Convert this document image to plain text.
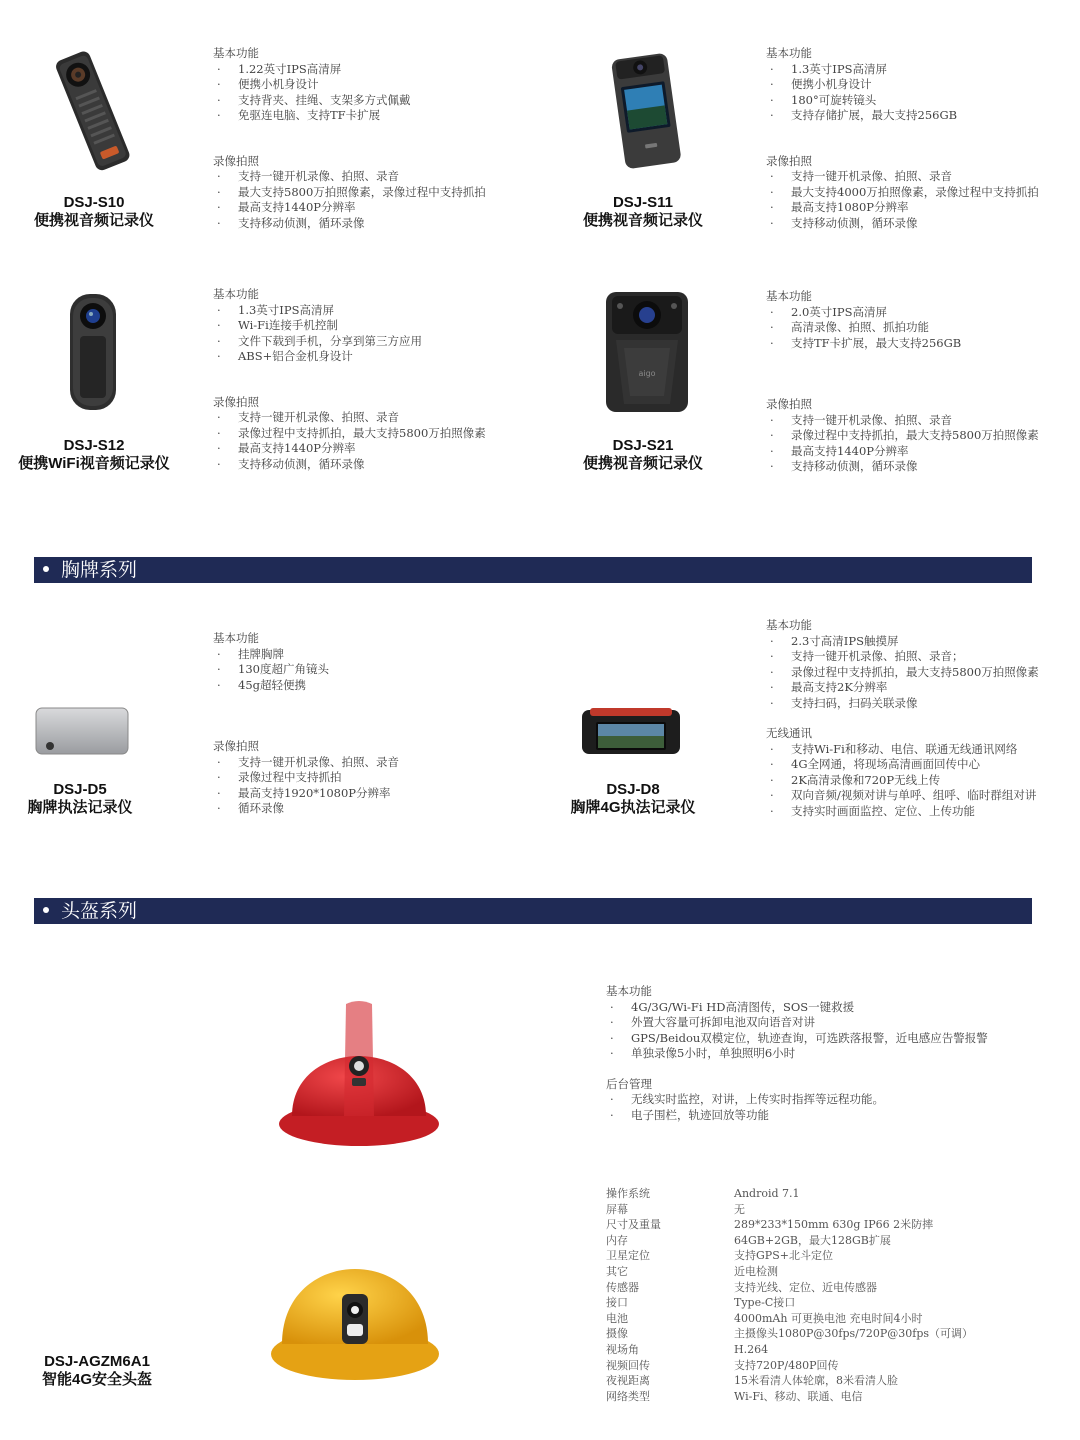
DSJ-S10
便携视音频记录仪
基本功能
· 1.22英寸IPS高清屏
· 便携小机身设计
· 支持背夹、挂绳、支架多方式佩戴
· 免驱连电脑、支持TF卡扩展
录像拍照
· 支持一键开机录像、拍照、录音
· 最大支持5800万拍照像素，录像过程中支持抓拍
· 最高支持1440P分辨率
· 支持移动侦测，循环录像
DSJ-S11
便携视音频记录仪
基本功能
· 1.3英寸IPS高清屏
· 便携小机身设计
· 180°可旋转镜头
· 支持存储扩展，最大支持256GB
录像拍照
· 支持一键开机录像、拍照、录音
· 最大支持4000万拍照像素，录像过程中支持抓拍
· 最高支持1080P分辨率
· 支持移动侦测，循环录像
DSJ-S12
便携WiFi视音频记录仪
基本功能
· 1.3英寸IPS高清屏
· Wi-Fi连接手机控制
· 文件下载到手机，分享到第三方应用
· ABS+铝合金机身设计
录像拍照
· 支持一键开机录像、拍照、录音
· 录像过程中支持抓拍，最大支持5800万拍照像素
· 最高支持1440P分辨率
· 支持移动侦测，循环录像
aigo
DSJ-S21
便携视音频记录仪
基本功能
· 2.0英寸IPS高清屏
· 高清录像、拍照、抓拍功能
· 支持TF卡扩展，最大支持256GB
录像拍照
· 支持一键开机录像、拍照、录音
· 录像过程中支持抓拍，最大支持5800万拍照像素
· 最高支持1440P分辨率
· 支持移动侦测，循环录像
胸牌系列
DSJ-D5
胸牌执法记录仪
基本功能
· 挂牌胸牌
· 130度超广角镜头
· 45g超轻便携
录像拍照
· 支持一键开机录像、拍照、录音
· 录像过程中支持抓拍
· 最高支持1920*1080P分辨率
· 循环录像
DSJ-D8
胸牌4G执法记录仪
基本功能
· 2.3寸高清IPS触摸屏
· 支持一键开机录像、拍照、录音；
· 录像过程中支持抓拍，最大支持5800万拍照像素
· 最高支持2K分辨率
· 支持扫码，扫码关联录像
无线通讯
· 支持Wi-Fi和移动、电信、联通无线通讯网络
· 4G全网通，将现场高清画面回传中心
· 2K高清录像和720P无线上传
· 双向音频/视频对讲与单呼、组呼、临时群组对讲
· 支持实时画面监控、定位、上传功能
头盔系列
基本功能
· 4G/3G/Wi-Fi HD高清图传，SOS一键救援
· 外置大容量可拆卸电池双向语音对讲
· GPS/Beidou双模定位，轨迹查询，可选跌落报警，近电感应告警报警
· 单独录像5小时，单独照明6小时
后台管理
· 无线实时监控，对讲，上传实时指挥等远程功能。
· 电子围栏，轨迹回放等功能
DSJ-AGZM6A1
智能4G安全头盔
操作系统	Android 7.1
屏幕	无
尺寸及重量	289*233*150mm 630g IP66 2米防摔
内存	64GB+2GB，最大128GB扩展
卫星定位	支持GPS+北斗定位
其它	近电检测
传感器	支持光线、定位、近电传感器
接口	Type-C接口
电池	4000mAh 可更换电池 充电时间4小时
摄像	主摄像头1080P@30fps/720P@30fps（可调）
视场角	H.264
视频回传	支持720P/480P回传
夜视距离	15米看清人体轮廓，8米看清人脸
网络类型	Wi-Fi、移动、联通、电信
